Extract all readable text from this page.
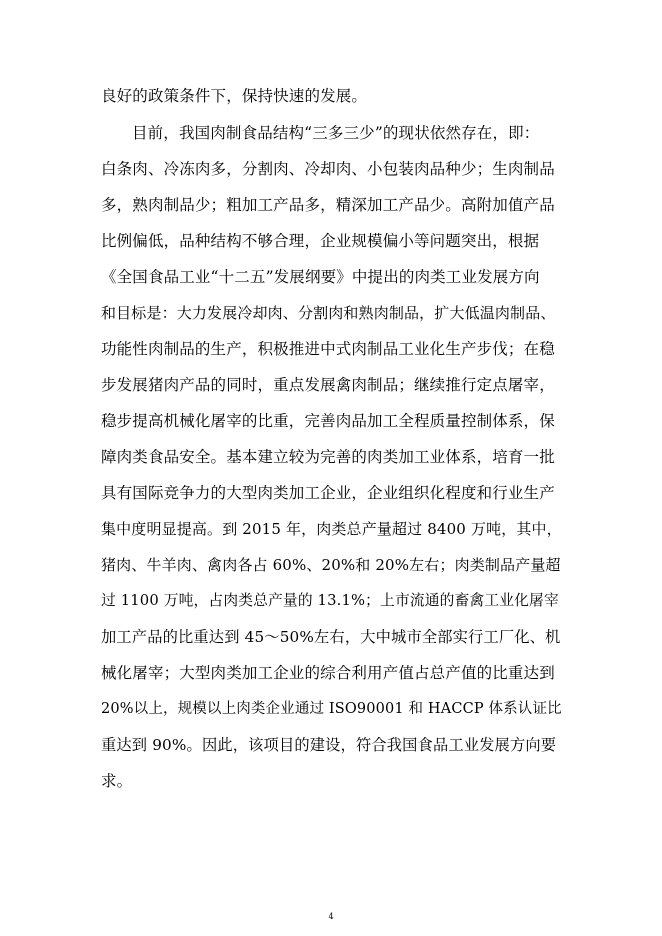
良好的政策条件下，保持快速的发展。
目前，我国肉制食品结构“三多三少”的现状依然存在，即：
白条肉、冷冻肉多，分割肉、冷却肉、小包装肉品种少；生肉制品
多，熟肉制品少；粗加工产品多，精深加工产品少。高附加值产品
比例偏低，品种结构不够合理，企业规模偏小等问题突出，根据
《全国食品工业“十二五”发展纲要》中提出的肉类工业发展方向
和目标是：大力发展冷却肉、分割肉和熟肉制品，扩大低温肉制品、
功能性肉制品的生产，积极推进中式肉制品工业化生产步伐；在稳
步发展猪肉产品的同时，重点发展禽肉制品；继续推行定点屠宰，
稳步提高机械化屠宰的比重，完善肉品加工全程质量控制体系，保
障肉类食品安全。基本建立较为完善的肉类加工业体系，培育一批
具有国际竞争力的大型肉类加工企业，企业组织化程度和行业生产
集中度明显提高。到 2015 年，肉类总产量超过 8400 万吨，其中，
猪肉、牛羊肉、禽肉各占 60%、20%和 20%左右；肉类制品产量超
过 1100 万吨，占肉类总产量的 13.1%；上市流通的畜禽工业化屠宰
加工产品的比重达到 45～50%左右，大中城市全部实行工厂化、机
械化屠宰；大型肉类加工企业的综合利用产值占总产值的比重达到
20%以上，规模以上肉类企业通过 ISO90001 和 HACCP 体系认证比
重达到 90%。因此，该项目的建设，符合我国食品工业发展方向要
求。
4
